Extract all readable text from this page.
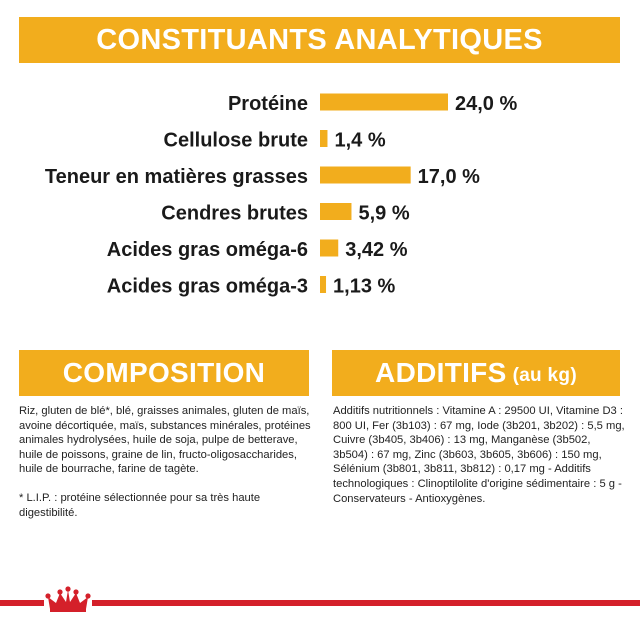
CONSTITUANTS ANALYTIQUES
Protéine	24,0 %
Cellulose brute 1,4 %
Teneur en matières grasses	17,0 %
Cendres brutes	5,9 %
Acides gras oméga-6 3,42 %
Acides gras oméga-3 1,13 %
COMPOSITION	ADDITIFS (au kg)
Riz, gluten de blé*, blé, graisses animales, gluten de maïs, avoine décortiquée, maïs, substances minérales, protéines animales hydrolysées, huile de soja, pulpe de betterave, huile de poissons, graine de lin, fructo-oligosaccharides, huile de bourrache, farine de tagète.
* L.I.P. : protéine sélectionnée pour sa très haute digestibilité.
Additifs nutritionnels : Vitamine A : 29500 UI, Vitamine D3 : 800 UI, Fer (3b103) : 67 mg, Iode (3b201, 3b202) : 5,5 mg, Cuivre (3b405, 3b406) : 13 mg, Manganèse (3b502, 3b504) : 67 mg, Zinc (3b603, 3b605, 3b606) : 150 mg, Sélénium (3b801, 3b811, 3b812) : 0,17 mg - Additifs technologiques : Clinoptilolite d'origine sédimentaire : 5 g - Conservateurs - Antioxygènes.
